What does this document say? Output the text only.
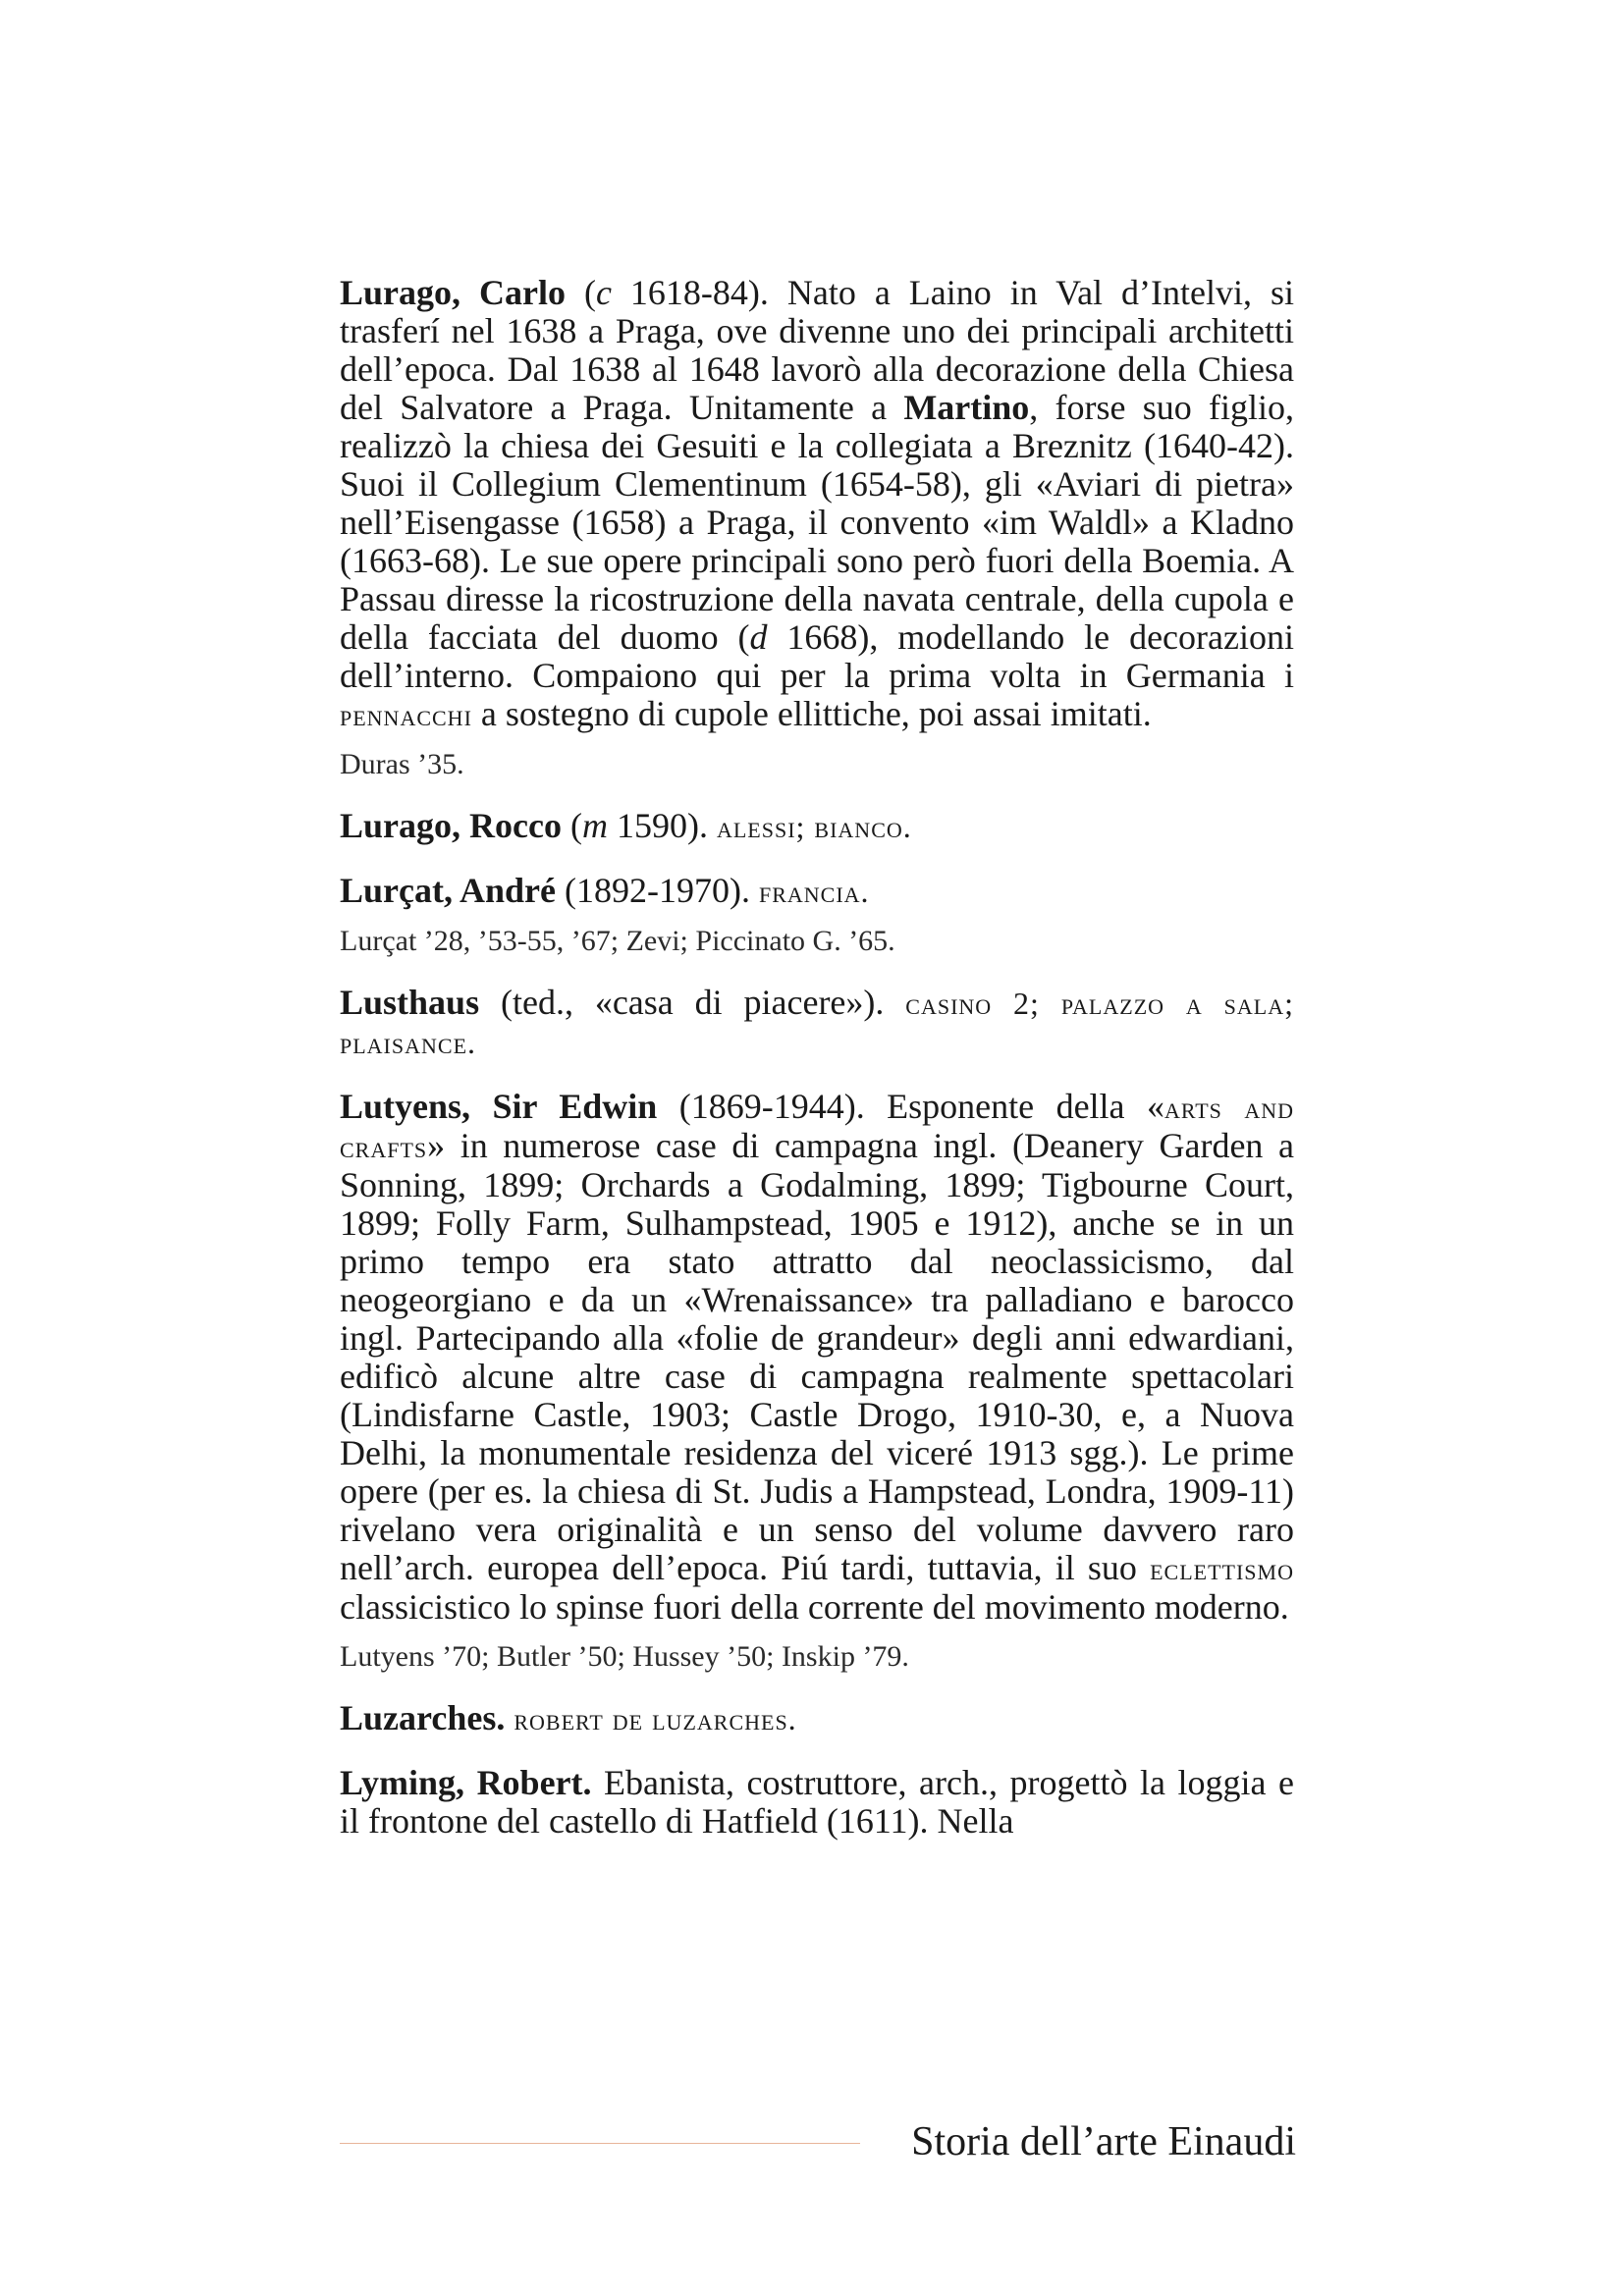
Lurago, Carlo (c 1618-84). Nato a Laino in Val d’Intelvi, si trasferí nel 1638 a Praga, ove divenne uno dei principali architetti dell’epoca. Dal 1638 al 1648 lavorò alla decorazione della Chiesa del Salvatore a Praga. Unitamente a Martino, forse suo figlio, realizzò la chiesa dei Gesuiti e la collegiata a Breznitz (1640-42). Suoi il Collegium Clementinum (1654-58), gli «Aviari di pietra» nell’Eisengasse (1658) a Praga, il convento «im Waldl» a Kladno (1663-68). Le sue opere principali sono però fuori della Boemia. A Passau diresse la ricostruzione della navata centrale, della cupola e della facciata del duomo (d 1668), modellando le decorazioni dell’interno. Compaiono qui per la prima volta in Germania i pennacchi a sostegno di cupole ellittiche, poi assai imitati.

Duras ’35.

Lurago, Rocco (m 1590). alessi; bianco.

Lurçat, André (1892-1970). francia.

Lurçat ’28, ’53-55, ’67; Zevi; Piccinato G. ’65.

Lusthaus (ted., «casa di piacere»). casino 2; palazzo a sala; plaisance.

Lutyens, Sir Edwin (1869-1944). Esponente della «arts and crafts» in numerose case di campagna ingl. (Deanery Garden a Sonning, 1899; Orchards a Godalming, 1899; Tigbourne Court, 1899; Folly Farm, Sulhampstead, 1905 e 1912), anche se in un primo tempo era stato attratto dal neoclassicismo, dal neogeorgiano e da un «Wrenaissance» tra palladiano e barocco ingl. Partecipando alla «folie de grandeur» degli anni edwardiani, edificò alcune altre case di campagna realmente spettacolari (Lindisfarne Castle, 1903; Castle Drogo, 1910-30, e, a Nuova Delhi, la monumentale residenza del viceré 1913 sgg.). Le prime opere (per es. la chiesa di St. Judis a Hampstead, Londra, 1909-11) rivelano vera originalità e un senso del volume davvero raro nell’arch. europea dell’epoca. Piú tardi, tuttavia, il suo eclettismo classicistico lo spinse fuori della corrente del movimento moderno.

Lutyens ’70; Butler ’50; Hussey ’50; Inskip ’79.

Luzarches. robert de luzarches.

Lyming, Robert. Ebanista, costruttore, arch., progettò la loggia e il frontone del castello di Hatfield (1611). Nella

Storia dell’arte Einaudi
